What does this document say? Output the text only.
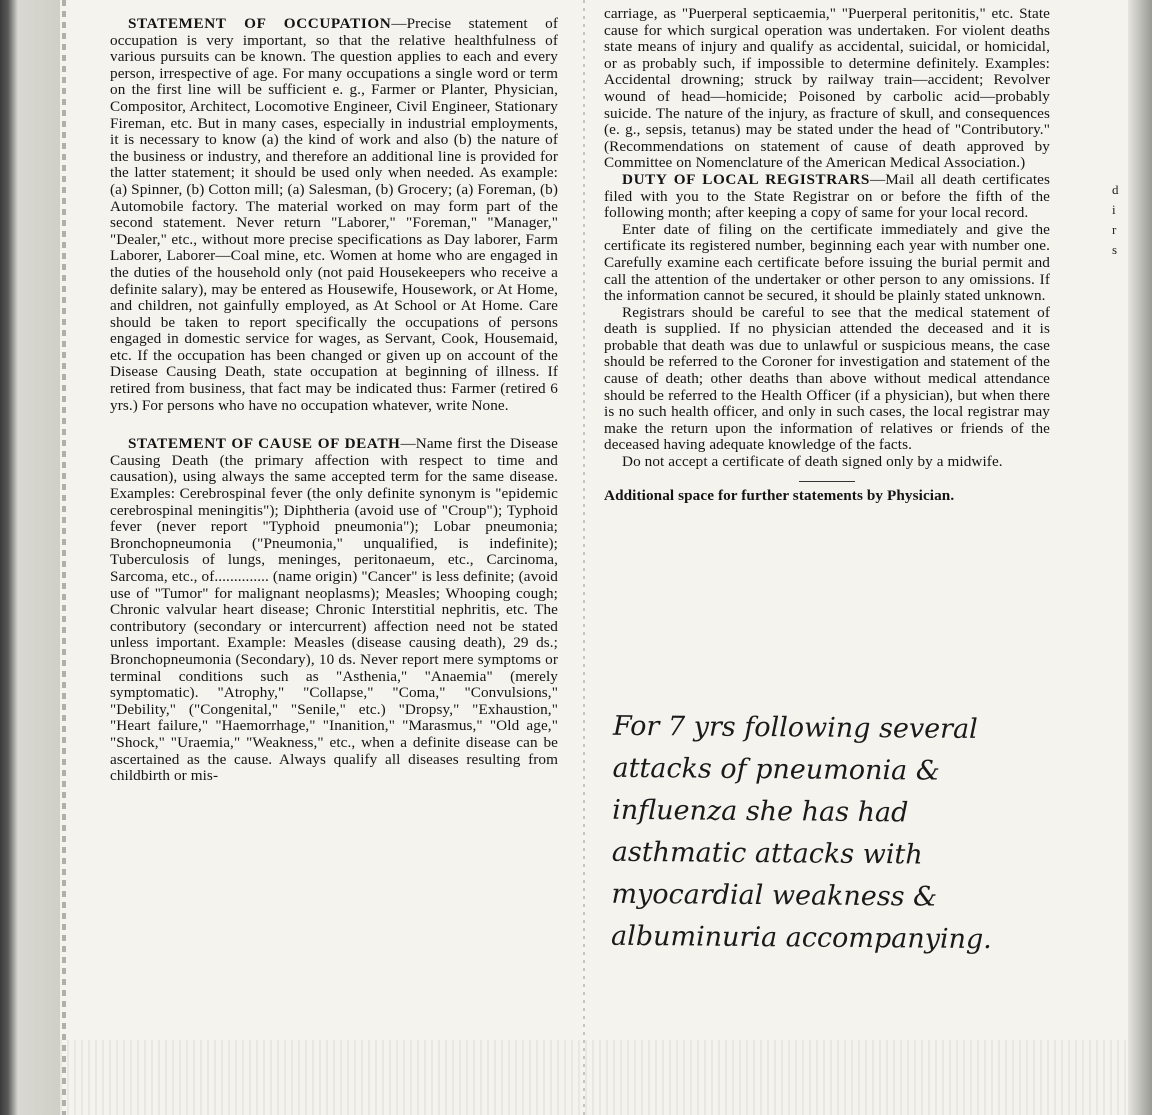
STATEMENT OF OCCUPATION—Precise statement of occupation is very important, so that the relative healthfulness of various pursuits can be known. The question applies to each and every person, irrespective of age. For many occupations a single word or term on the first line will be sufficient e. g., Farmer or Planter, Physician, Compositor, Architect, Locomotive Engineer, Civil Engineer, Stationary Fireman, etc. But in many cases, especially in industrial employments, it is necessary to know (a) the kind of work and also (b) the nature of the business or industry, and therefore an additional line is provided for the latter statement; it should be used only when needed. As example: (a) Spinner, (b) Cotton mill; (a) Salesman, (b) Grocery; (a) Foreman, (b) Automobile factory. The material worked on may form part of the second statement. Never return "Laborer," "Foreman," "Manager," "Dealer," etc., without more precise specifications as Day laborer, Farm Laborer, Laborer—Coal mine, etc. Women at home who are engaged in the duties of the household only (not paid Housekeepers who receive a definite salary), may be entered as Housewife, Housework, or At Home, and children, not gainfully employed, as At School or At Home. Care should be taken to report specifically the occupations of persons engaged in domestic service for wages, as Servant, Cook, Housemaid, etc. If the occupation has been changed or given up on account of the Disease Causing Death, state occupation at beginning of illness. If retired from business, that fact may be indicated thus: Farmer (retired 6 yrs.) For persons who have no occupation whatever, write None.

STATEMENT OF CAUSE OF DEATH—Name first the Disease Causing Death (the primary affection with respect to time and causation), using always the same accepted term for the same disease. Examples: Cerebrospinal fever (the only definite synonym is "epidemic cerebrospinal meningitis"); Diphtheria (avoid use of "Croup"); Typhoid fever (never report "Typhoid pneumonia"); Lobar pneumonia; Bronchopneumonia ("Pneumonia," unqualified, is indefinite); Tuberculosis of lungs, meninges, peritonaeum, etc., Carcinoma, Sarcoma, etc., of.............. (name origin) "Cancer" is less definite; (avoid use of "Tumor" for malignant neoplasms); Measles; Whooping cough; Chronic valvular heart disease; Chronic Interstitial nephritis, etc. The contributory (secondary or intercurrent) affection need not be stated unless important. Example: Measles (disease causing death), 29 ds.; Bronchopneumonia (Secondary), 10 ds. Never report mere symptoms or terminal conditions such as "Asthenia," "Anaemia" (merely symptomatic). "Atrophy," "Collapse," "Coma," "Convulsions," "Debility," ("Congenital," "Senile," etc.) "Dropsy," "Exhaustion," "Heart failure," "Haemorrhage," "Inanition," "Marasmus," "Old age," "Shock," "Uraemia," "Weakness," etc., when a definite disease can be ascertained as the cause. Always qualify all diseases resulting from childbirth or mis-

carriage, as "Puerperal septicaemia," "Puerperal peritonitis," etc. State cause for which surgical operation was undertaken. For violent deaths state means of injury and qualify as accidental, suicidal, or homicidal, or as probably such, if impossible to determine definitely. Examples: Accidental drowning; struck by railway train—accident; Revolver wound of head—homicide; Poisoned by carbolic acid—probably suicide. The nature of the injury, as fracture of skull, and consequences (e. g., sepsis, tetanus) may be stated under the head of "Contributory." (Recommendations on statement of cause of death approved by Committee on Nomenclature of the American Medical Association.)

DUTY OF LOCAL REGISTRARS—Mail all death certificates filed with you to the State Registrar on or before the fifth of the following month; after keeping a copy of same for your local record.

Enter date of filing on the certificate immediately and give the certificate its registered number, beginning each year with number one. Carefully examine each certificate before issuing the burial permit and call the attention of the undertaker or other person to any omissions. If the information cannot be secured, it should be plainly stated unknown.

Registrars should be careful to see that the medical statement of death is supplied. If no physician attended the deceased and it is probable that death was due to unlawful or suspicious means, the case should be referred to the Coroner for investigation and statement of the cause of death; other deaths than above without medical attendance should be referred to the Health Officer (if a physician), but when there is no such health officer, and only in such cases, the local registrar may make the return upon the information of relatives or friends of the deceased having adequate knowledge of the facts.

Do not accept a certificate of death signed only by a midwife.

Additional space for further statements by Physician.

For 7 yrs following several
attacks of pneumonia &
influenza she has had
asthmatic attacks with
myocardial weakness &
albuminuria accompanying.
d
i
r
s
